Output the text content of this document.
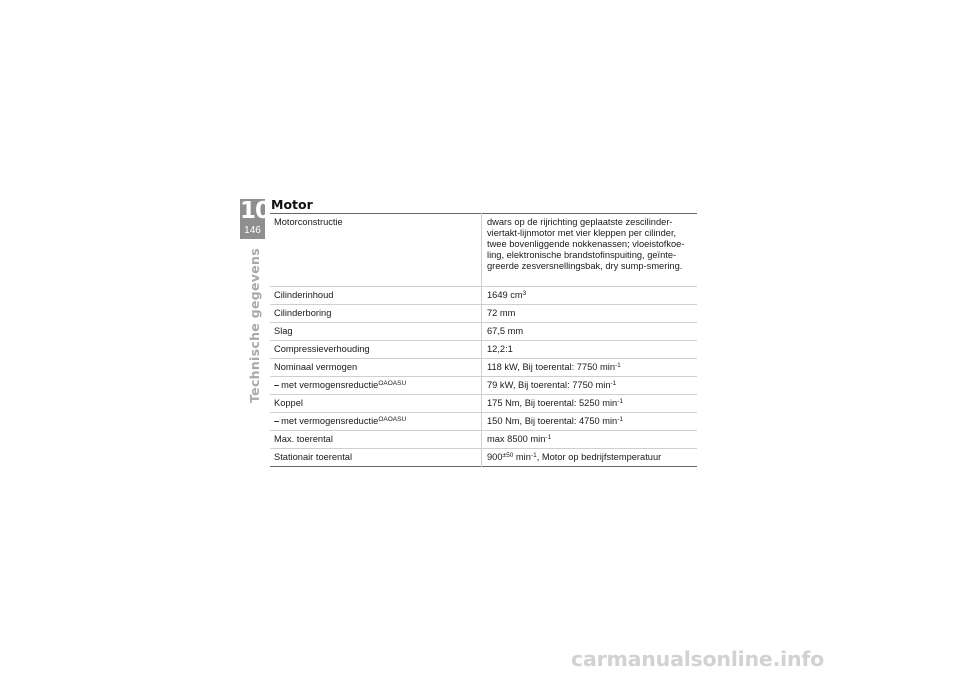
10
146
Technische gegevens
Motor
Motorconstructie	dwars op de rijrichting geplaatste zescilinder-viertakt-lijnmotor met vier kleppen per cilinder, twee bovenliggende nokkenassen; vloeistofkoe-ling, elektronische brandstofinspuiting, geïnte-greerde zesversnellingsbak, dry sump-smering.
Cilinderinhoud	1649 $cm^3$
Cilinderboring	72 mm
Slag	67,5 mm
Compressieverhouding	12,2:1
Nominaal vermogen	118 kW, Bij toerental: 7750 $\min^{-1}$
– met vermogensreductie$^{OAOASU}$	79 kW, Bij toerental: 7750 $\min^{-1}$
Koppel	175 Nm, Bij toerental: 5250 $\min^{-1}$
– met vermogensreductie$^{OAOASU}$	150 Nm, Bij toerental: 4750 $\min^{-1}$
Max. toerental	max 8500 $\min^{-1}$
Stationair toerental	$900^{\pm 50}$ $\min^{-1}$, Motor op bedrijfstemperatuur
carmanualsonline.info
